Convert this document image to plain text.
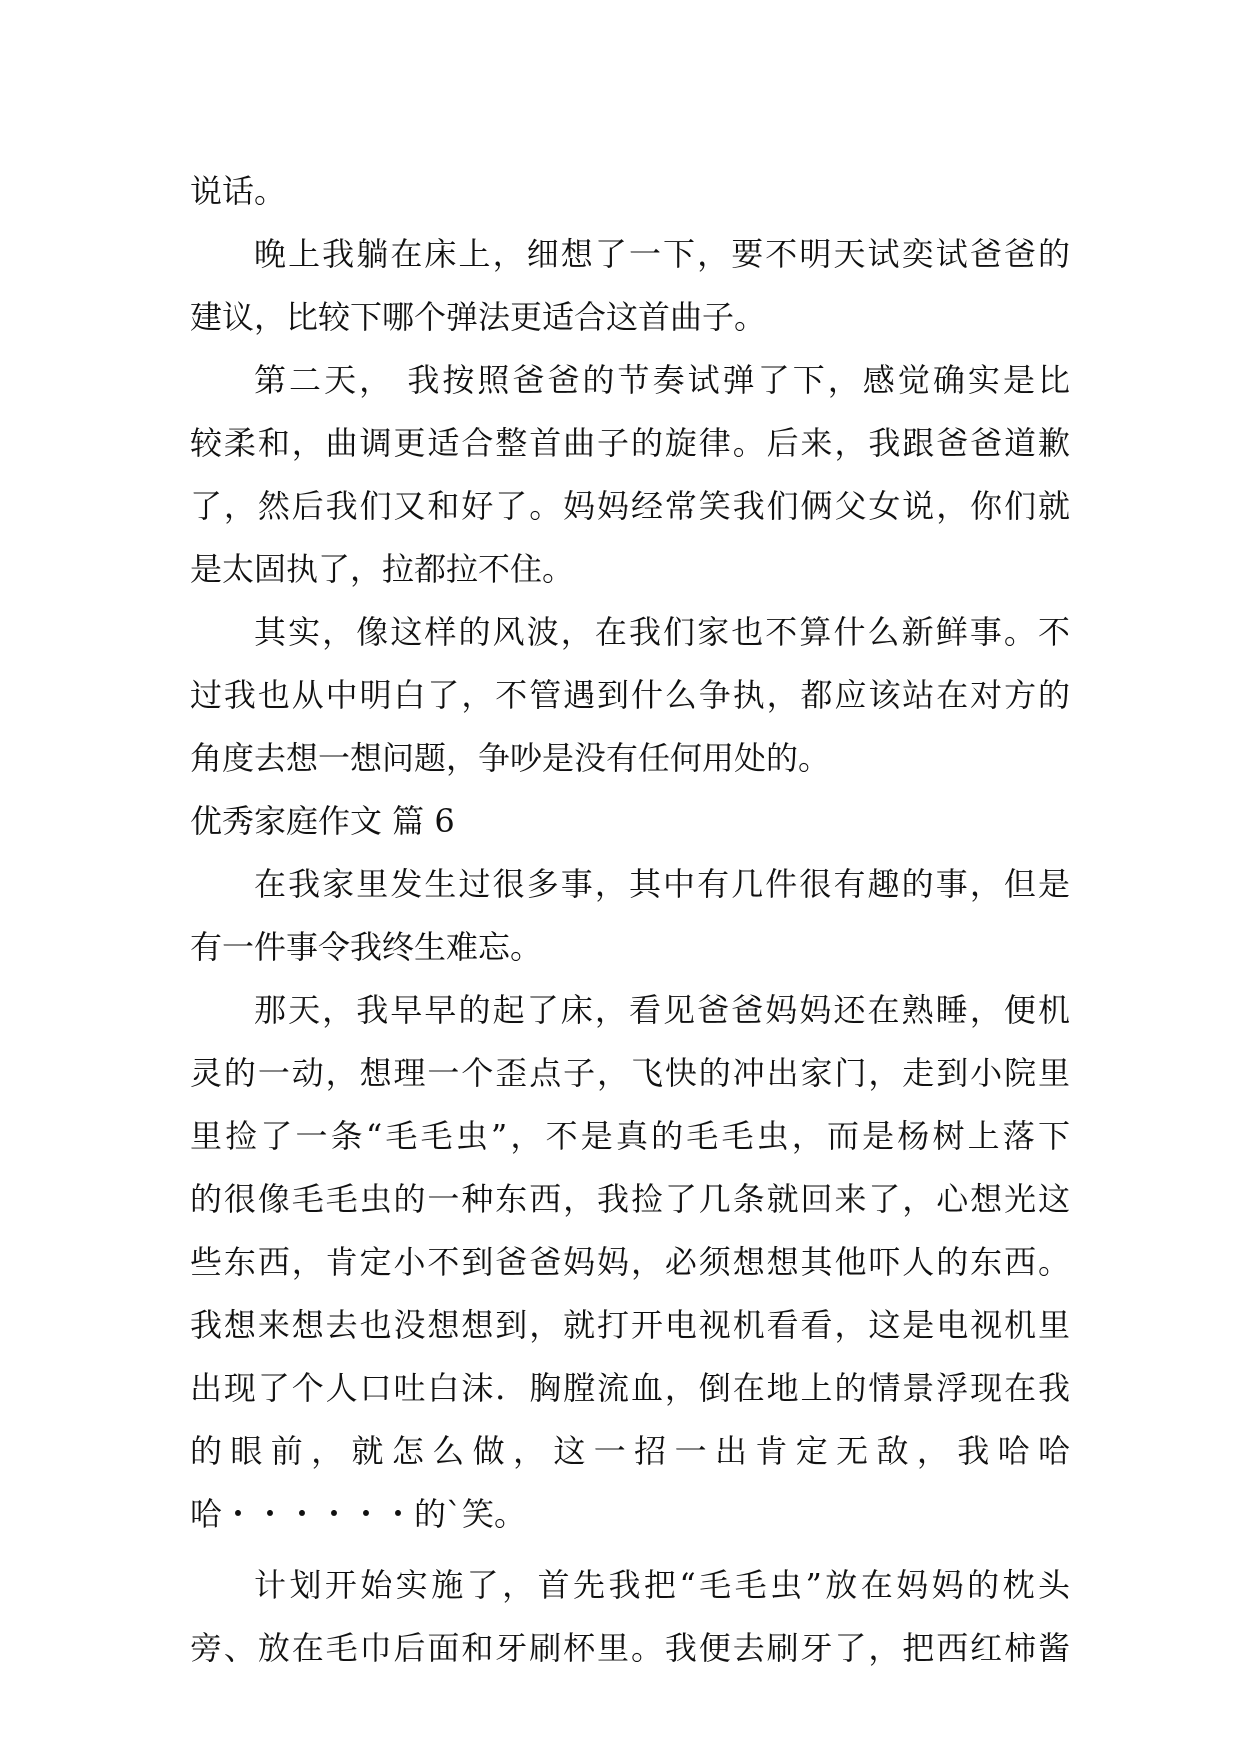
说话。
晚上我躺在床上，细想了一下，要不明天试奕试爸爸的
建议，比较下哪个弹法更适合这首曲子。
第二天， 我按照爸爸的节奏试弹了下，感觉确实是比
较柔和，曲调更适合整首曲子的旋律。后来，我跟爸爸道歉
了，然后我们又和好了。妈妈经常笑我们俩父女说，你们就
是太固执了，拉都拉不住。
其实，像这样的风波，在我们家也不算什么新鲜事。不
过我也从中明白了，不管遇到什么争执，都应该站在对方的
角度去想一想问题，争吵是没有任何用处的。
优秀家庭作文 篇 6
在我家里发生过很多事，其中有几件很有趣的事，但是
有一件事令我终生难忘。
那天，我早早的起了床，看见爸爸妈妈还在熟睡，便机
灵的一动，想理一个歪点子，飞快的冲出家门，走到小院里
里捡了一条“毛毛虫”，不是真的毛毛虫，而是杨树上落下
的很像毛毛虫的一种东西，我捡了几条就回来了，心想光这
些东西，肯定小不到爸爸妈妈，必须想想其他吓人的东西。
我想来想去也没想想到，就打开电视机看看，这是电视机里
出现了个人口吐白沫．胸膛流血，倒在地上的情景浮现在我
的眼前，就怎么做，这一招一出肯定无敌，我哈哈
哈・・・・・・的`笑。
计划开始实施了，首先我把“毛毛虫”放在妈妈的枕头
旁、放在毛巾后面和牙刷杯里。我便去刷牙了，把西红柿酱
